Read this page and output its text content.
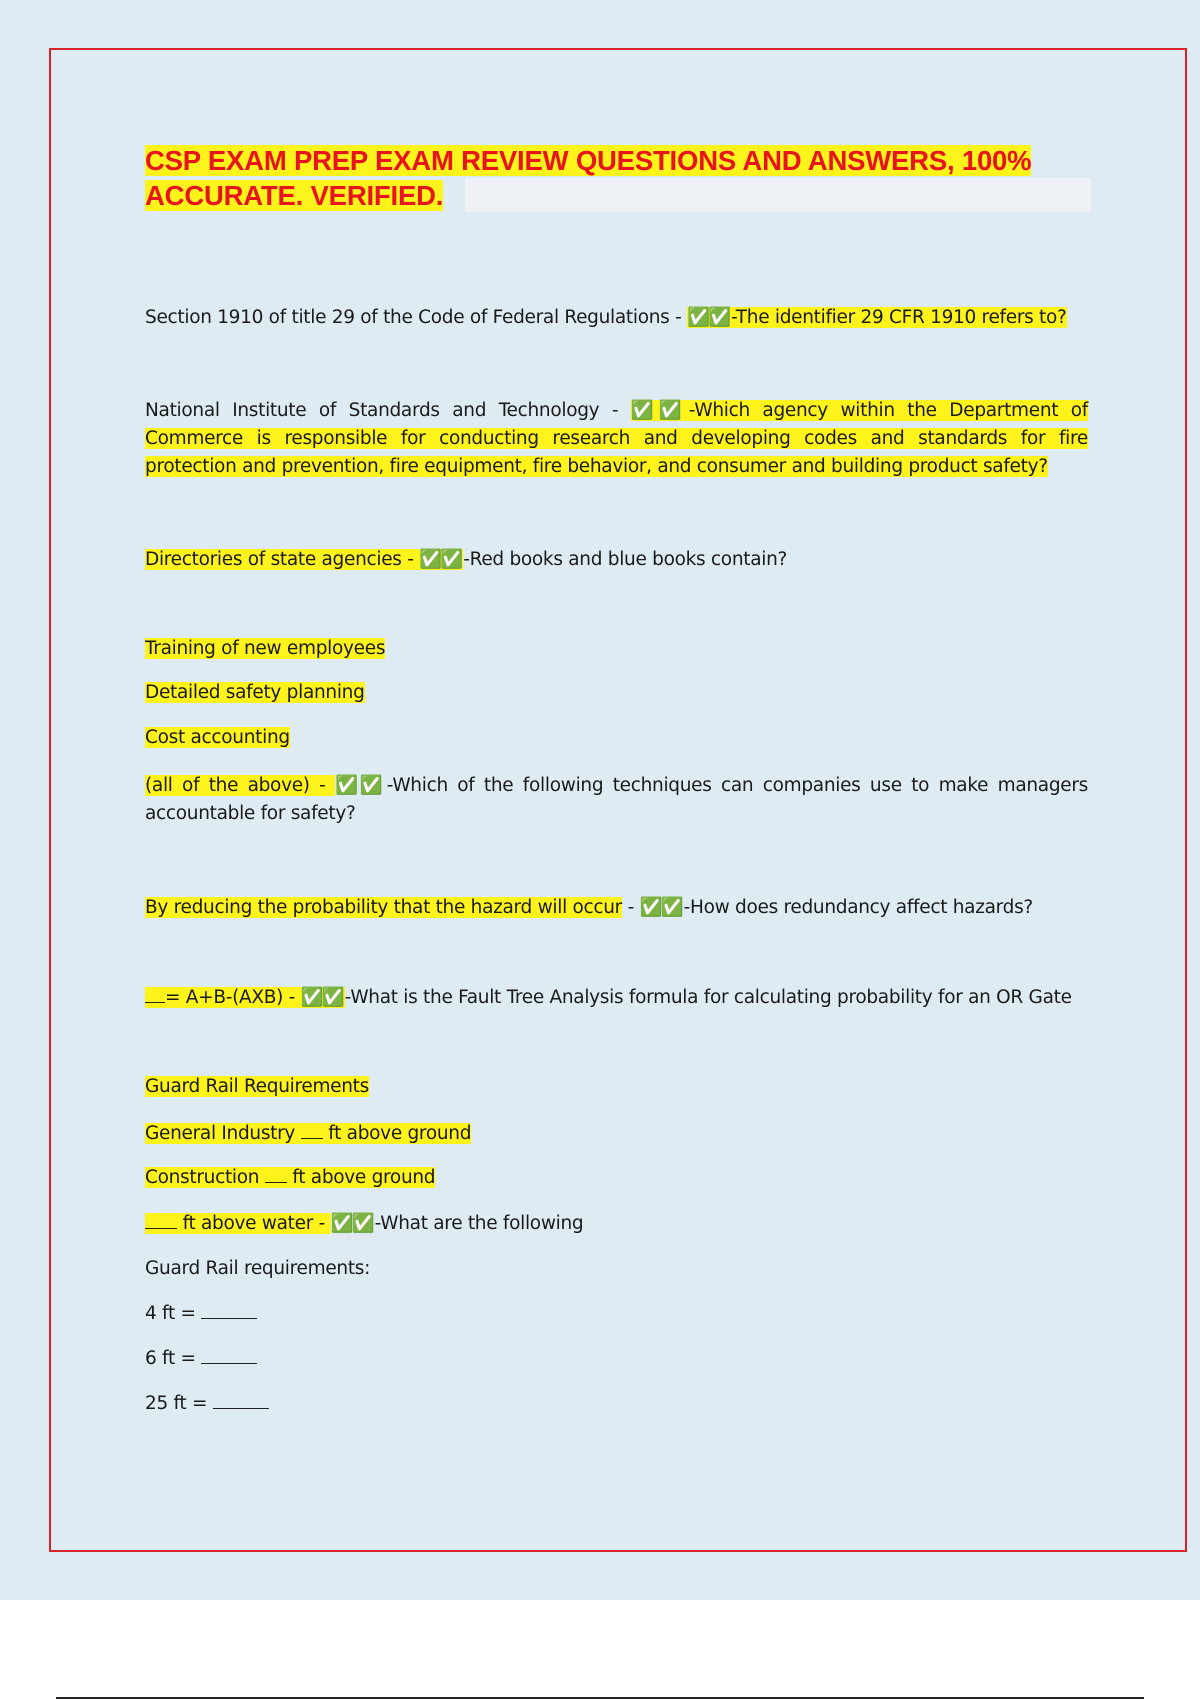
CSP EXAM PREP EXAM REVIEW QUESTIONS AND ANSWERS, 100%
ACCURATE. VERIFIED.
Section 1910 of title 29 of the Code of Federal Regulations - ✅✅ -The identifier 29 CFR 1910 refers to?
National Institute of Standards and Technology - ✅✅ -Which agency within the Department of Commerce is responsible for conducting research and developing codes and standards for fire protection and prevention, fire equipment, fire behavior, and consumer and building product safety?
Directories of state agencies - ✅✅ -Red books and blue books contain?
Training of new employees
Detailed safety planning
Cost accounting
(all of the above) - ✅✅ -Which of the following techniques can companies use to make managers accountable for safety?
By reducing the probability that the hazard will occur - ✅✅ -How does redundancy affect hazards?
= A+B-(AXB) - ✅✅ -What is the Fault Tree Analysis formula for calculating probability for an OR Gate
Guard Rail Requirements
General Industry  ft above ground
Construction  ft above ground
ft above water - ✅✅ -What are the following
Guard Rail requirements:
4 ft =
6 ft =
25 ft =
